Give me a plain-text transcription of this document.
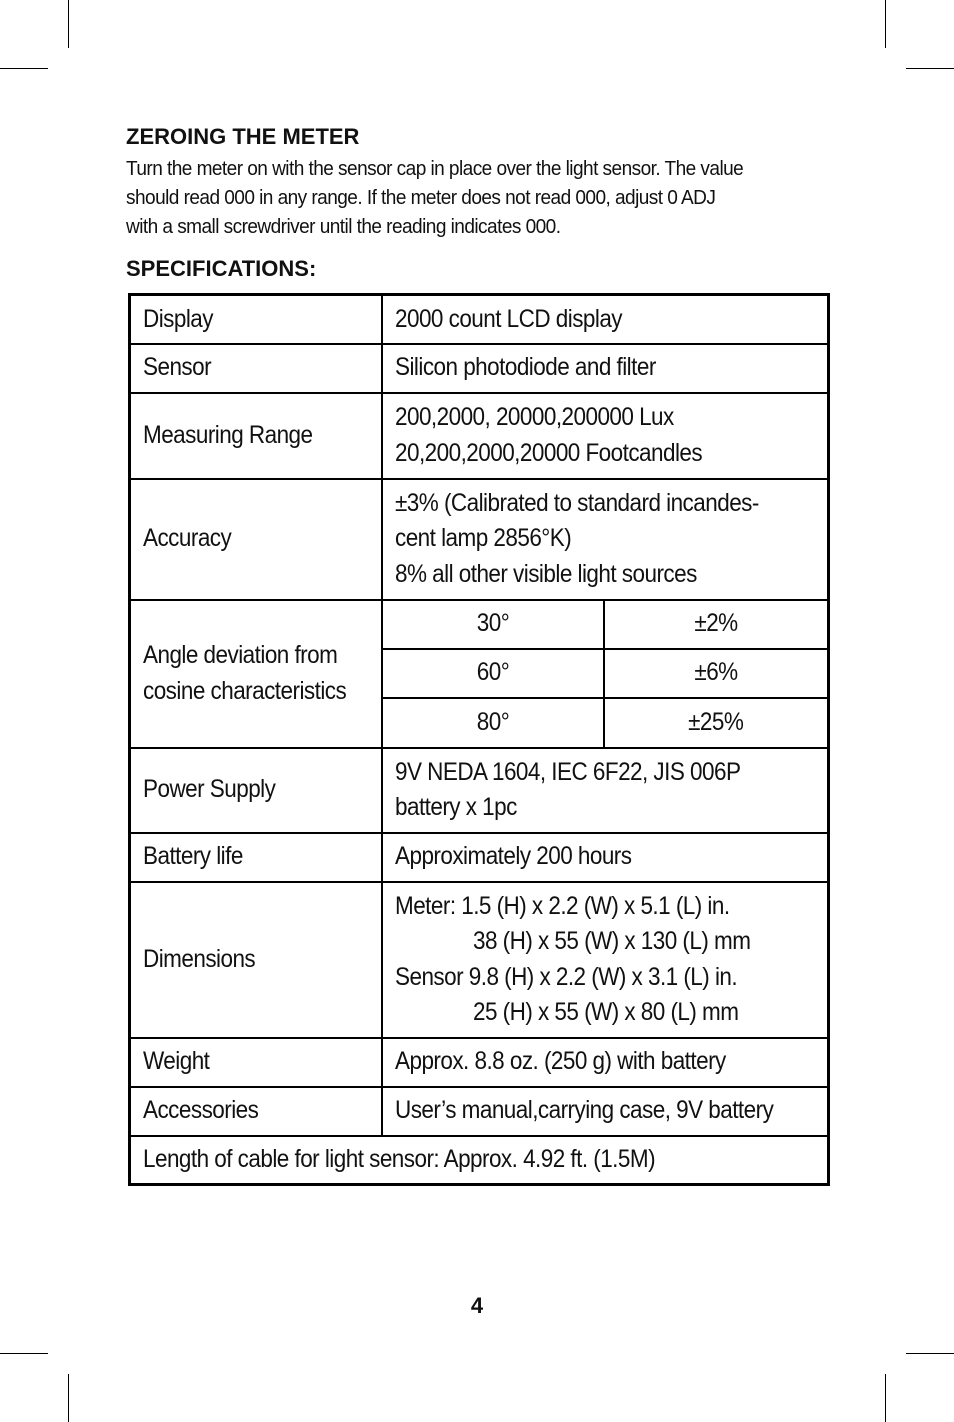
ZEROING THE METER

Turn the meter on with the sensor cap in place over the light sensor. The value
should read 000 in any range. If the meter does not read 000, adjust 0 ADJ
with a small screwdriver until the reading indicates 000.

SPECIFICATIONS:
Display	2000 count LCD display	
Sensor	Silicon photodiode and filter	
Measuring Range	200,2000, 20000,200000 Lux
20,200,2000,20000 Footcandles	
Accuracy	±3% (Calibrated to standard incandes-
cent lamp 2856°K)
8% all other visible light sources	
Angle deviation from
cosine characteristics	30°	±2%
	60°	±6%
	80°	±25%
Power Supply	9V NEDA 1604, IEC 6F22, JIS 006P
battery x 1pc	
Battery life	Approximately 200 hours	
Dimensions	Meter: 1.5 (H) x 2.2 (W) x 5.1 (L) in.
38 (H) x 55 (W) x 130 (L) mm
Sensor 9.8 (H) x 2.2 (W) x 3.1 (L) in.
25 (H) x 55 (W) x 80 (L) mm	
Weight	Approx. 8.8 oz. (250 g) with battery	
Accessories	User’s manual,carrying case, 9V battery	
Length of cable for light sensor: Approx. 4.92 ft. (1.5M)		
4
